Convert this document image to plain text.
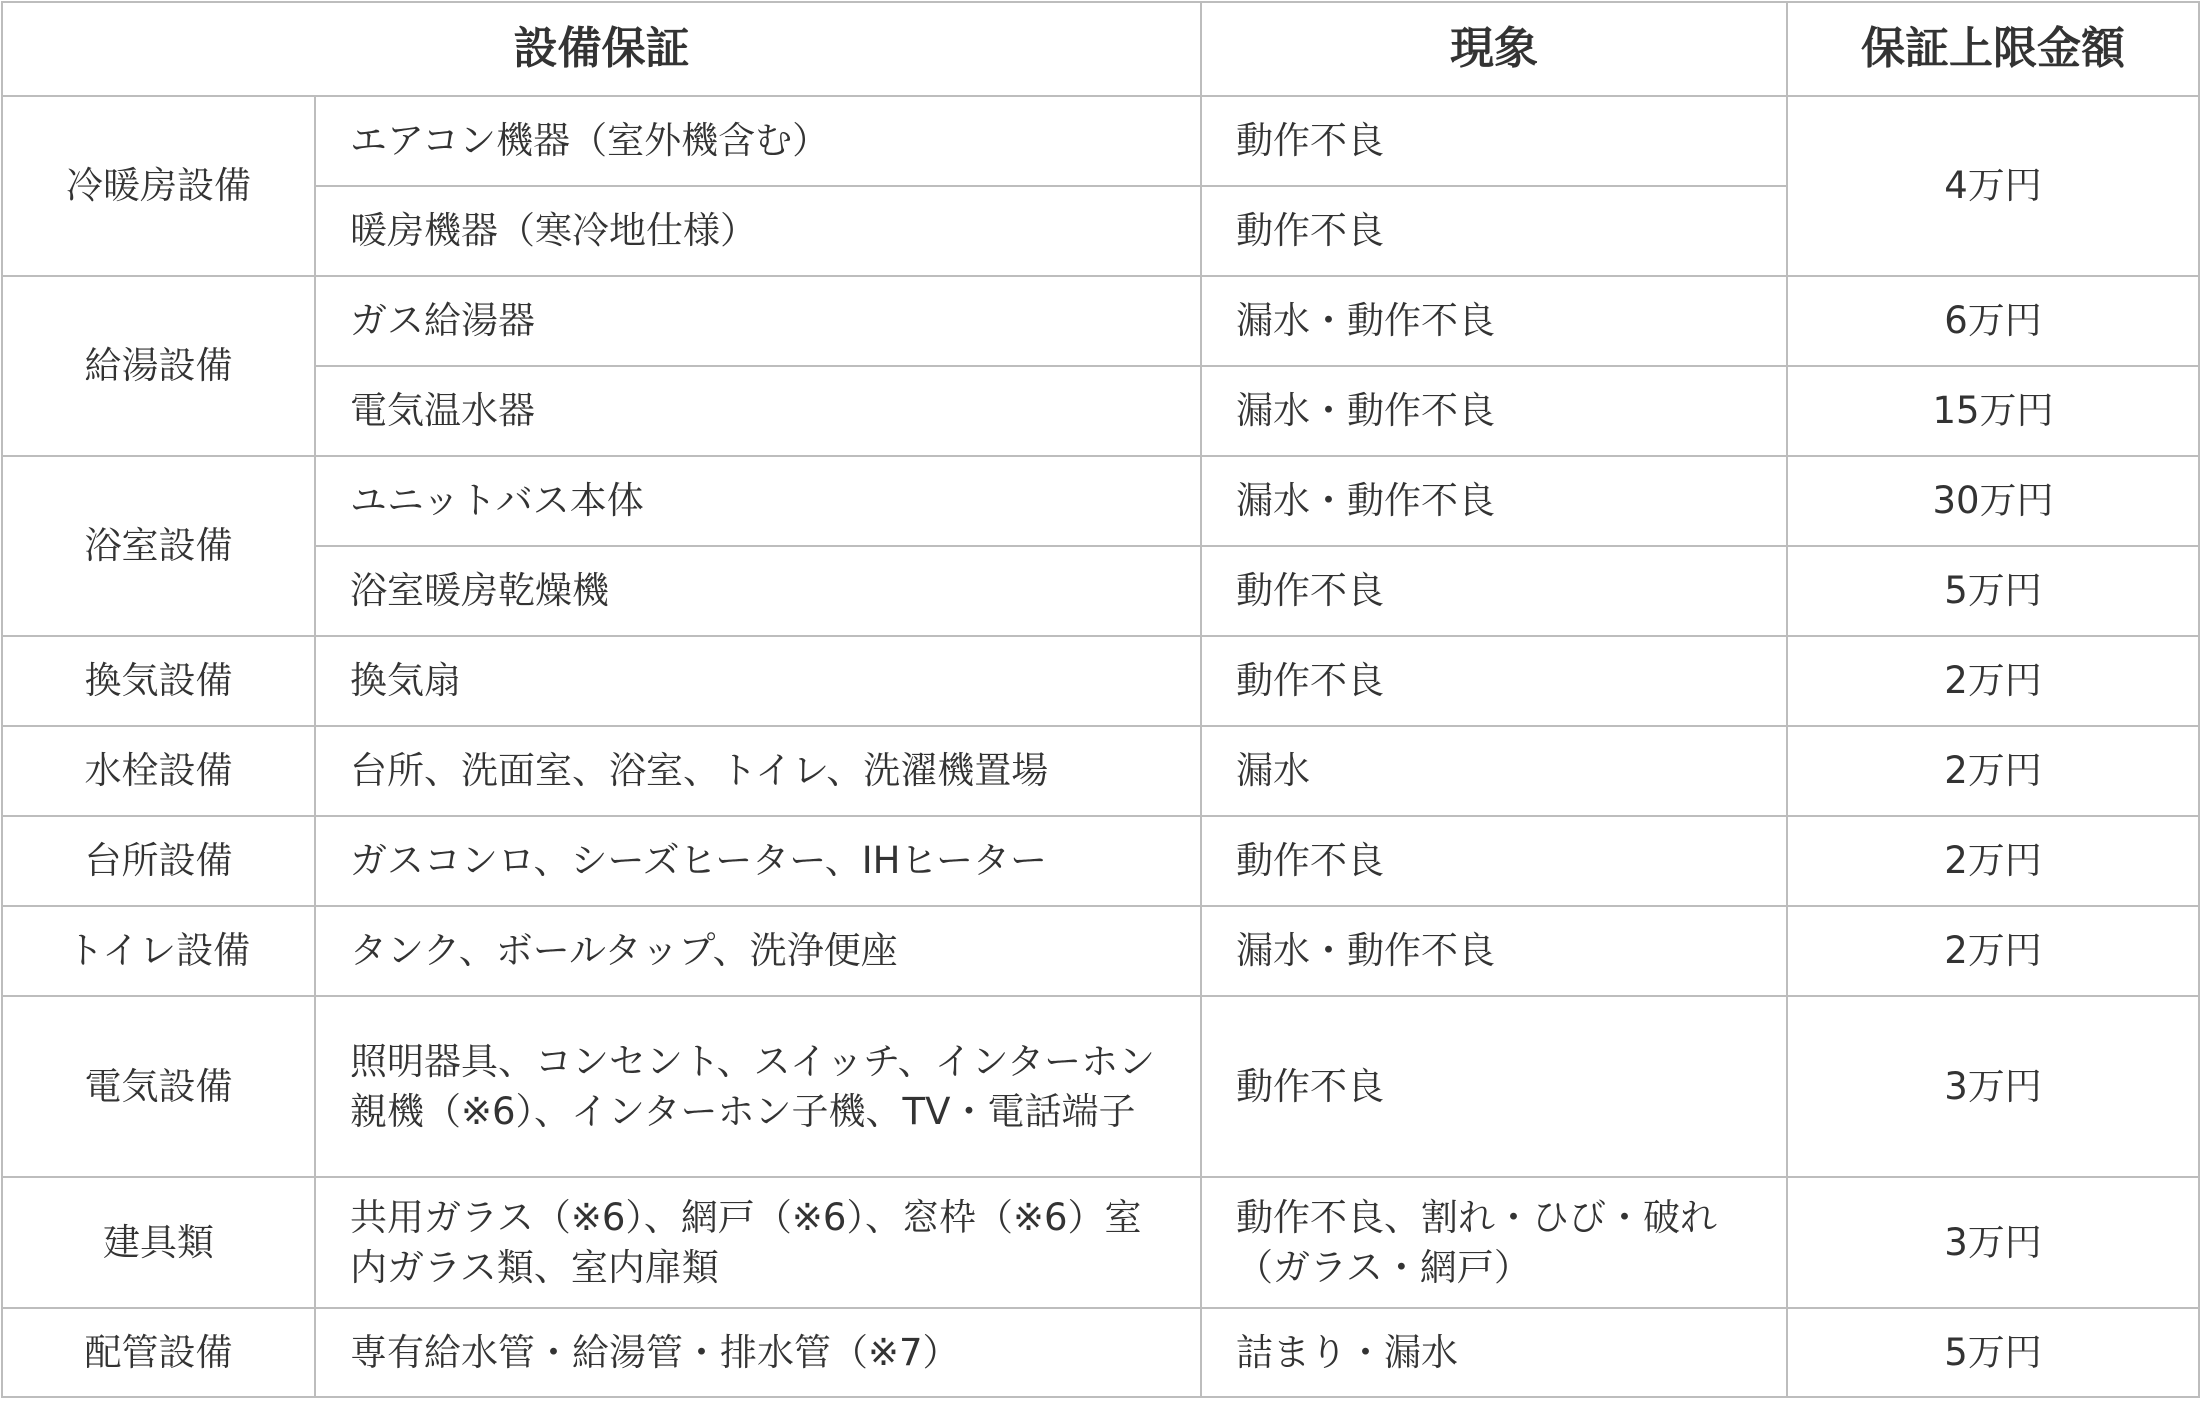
設備保証		現象	保証上限金額
冷暖房設備	エアコン機器（室外機含む）	動作不良	4万円
	暖房機器（寒冷地仕様）	動作不良	
給湯設備	ガス給湯器	漏水・動作不良	6万円
	電気温水器	漏水・動作不良	15万円
浴室設備	ユニットバス本体	漏水・動作不良	30万円
	浴室暖房乾燥機	動作不良	5万円
換気設備	換気扇	動作不良	2万円
水栓設備	台所、洗面室、浴室、トイレ、洗濯機置場	漏水	2万円
台所設備	ガスコンロ、シーズヒーター、IHヒーター	動作不良	2万円
トイレ設備	タンク、ボールタップ、洗浄便座	漏水・動作不良	2万円
電気設備	照明器具、コンセント、スイッチ、インターホン親機（※6）、インターホン子機、TV・電話端子	動作不良	3万円
建具類	共用ガラス（※6）、網戸（※6）、窓枠（※6）室内ガラス類、室内扉類	動作不良、割れ・ひび・破れ（ガラス・網戸）	3万円
配管設備	専有給水管・給湯管・排水管（※7）	詰まり・漏水	5万円
